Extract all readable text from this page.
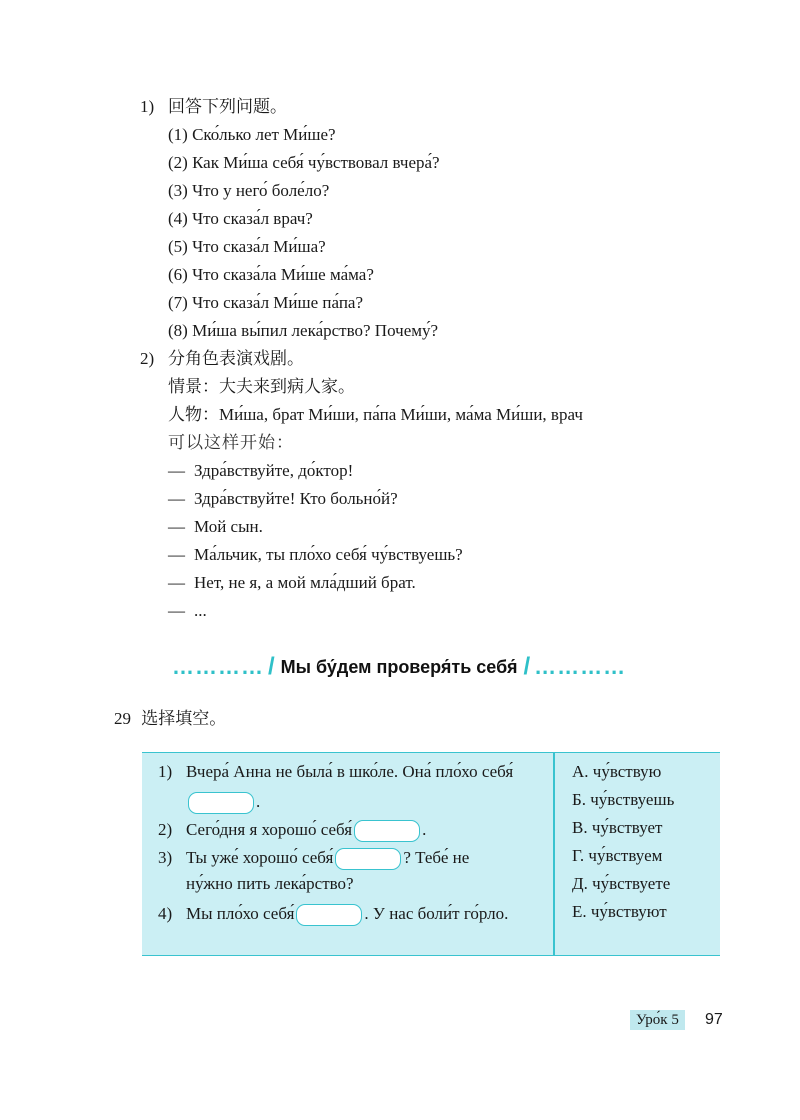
1) 回答下列问题。
(1) Ско́лько лет Ми́ше?
(2) Как Ми́ша себя́ чу́вствовал вчера́?
(3) Что у него́ боле́ло?
(4) Что сказа́л врач?
(5) Что сказа́л Ми́ша?
(6) Что сказа́ла Ми́ше ма́ма?
(7) Что сказа́л Ми́ше па́па?
(8) Ми́ша вы́пил лека́рство? Почему́?
2) 分角色表演戏剧。
情景：大夫来到病人家。
人物：Ми́ша, брат Ми́ши, па́па Ми́ши, ма́ма Ми́ши, врач
可以这样开始：
— Здра́вствуйте, до́ктор!
— Здра́вствуйте! Кто больно́й?
— Мой сын.
— Ма́льчик, ты пло́хо себя́ чу́вствуешь?
— Нет, не я, а мой мла́дший брат.
— ...
………… / Мы бу́дем проверя́ть себя́ / …………
29 选择填空。
1) Вчера́ Анна не была́ в шко́ле. Она́ пло́хо себя́
.
2) Сего́дня я хорошо́ себя́	.
3) Ты уже́ хорошо́ себя́	? Тебе́ не
ну́жно пить лека́рство?
4) Мы пло́хо себя́	. У нас боли́т го́рло.
А. чу́вствую
Б. чу́вствуешь
В. чу́вствует
Г. чу́вствуем
Д. чу́вствуете
Е. чу́вствуют
Уро́к 5	97
